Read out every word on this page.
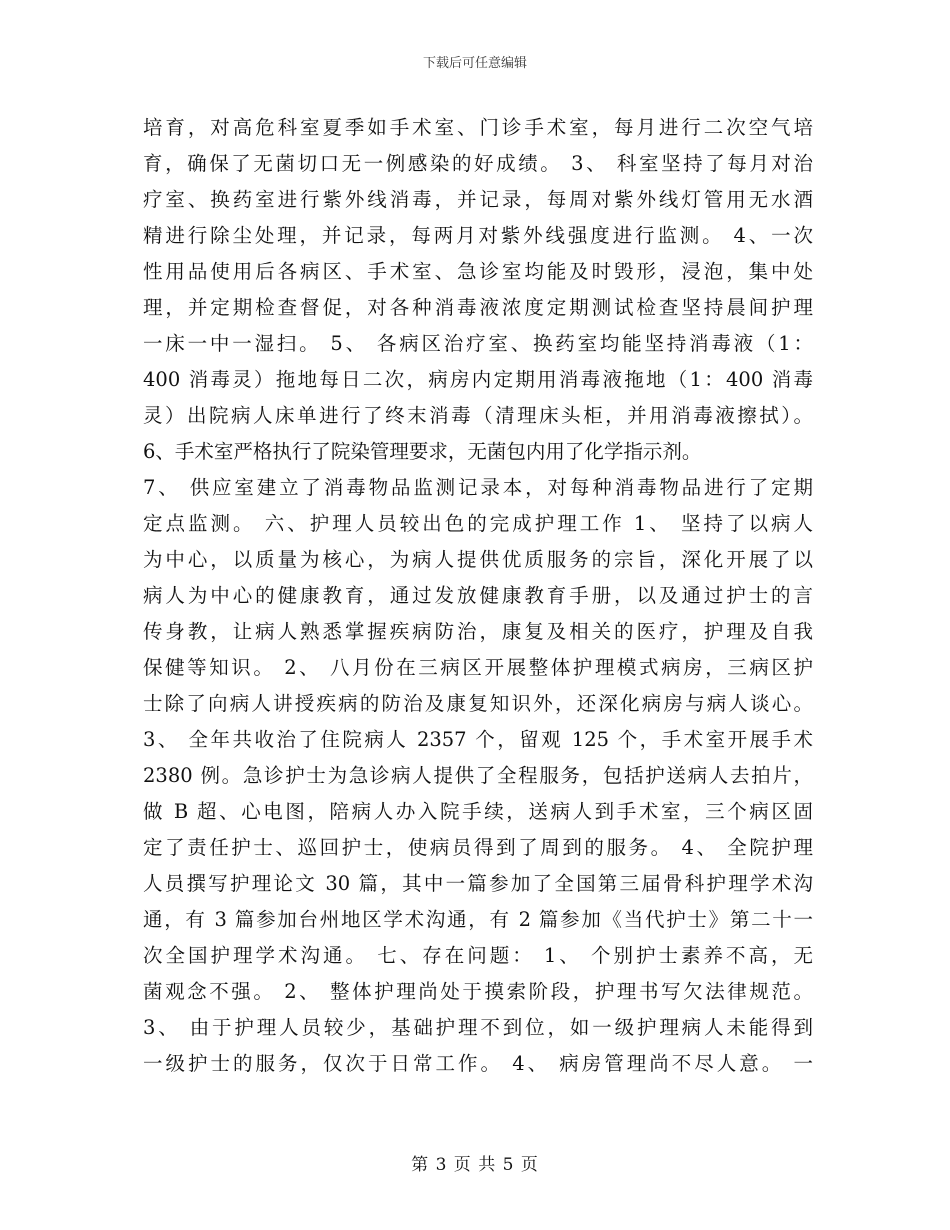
下载后可任意编辑
培育，对高危科室夏季如手术室、门诊手术室，每月进行二次空气培
育，确保了无菌切口无一例感染的好成绩。 3、 科室坚持了每月对治
疗室、换药室进行紫外线消毒，并记录，每周对紫外线灯管用无水酒
精进行除尘处理，并记录，每两月对紫外线强度进行监测。 4、一次
性用品使用后各病区、手术室、急诊室均能及时毁形，浸泡，集中处
理，并定期检查督促，对各种消毒液浓度定期测试检查坚持晨间护理
一床一中一湿扫。 5、 各病区治疗室、换药室均能坚持消毒液（1：
400 消毒灵）拖地每日二次，病房内定期用消毒液拖地（1：400 消毒
灵）出院病人床单进行了终末消毒（清理床头柜，并用消毒液擦拭）。
6、手术室严格执行了院染管理要求，无菌包内用了化学指示剂。
7、 供应室建立了消毒物品监测记录本，对每种消毒物品进行了定期
定点监测。 六、护理人员较出色的完成护理工作 1、 坚持了以病人
为中心，以质量为核心，为病人提供优质服务的宗旨，深化开展了以
病人为中心的健康教育，通过发放健康教育手册，以及通过护士的言
传身教，让病人熟悉掌握疾病防治，康复及相关的医疗，护理及自我
保健等知识。 2、 八月份在三病区开展整体护理模式病房，三病区护
士除了向病人讲授疾病的防治及康复知识外，还深化病房与病人谈心。
3、 全年共收治了住院病人 2357 个，留观 125 个，手术室开展手术
2380 例。急诊护士为急诊病人提供了全程服务，包括护送病人去拍片，
做 B 超、心电图，陪病人办入院手续，送病人到手术室，三个病区固
定了责任护士、巡回护士，使病员得到了周到的服务。 4、 全院护理
人员撰写护理论文 30 篇，其中一篇参加了全国第三届骨科护理学术沟
通，有 3 篇参加台州地区学术沟通，有 2 篇参加《当代护士》第二十一
次全国护理学术沟通。 七、存在问题： 1、 个别护士素养不高，无
菌观念不强。 2、 整体护理尚处于摸索阶段，护理书写欠法律规范。
3、 由于护理人员较少，基础护理不到位，如一级护理病人未能得到
一级护士的服务，仅次于日常工作。 4、 病房管理尚不尽人意。 一
第 3 页 共 5 页
